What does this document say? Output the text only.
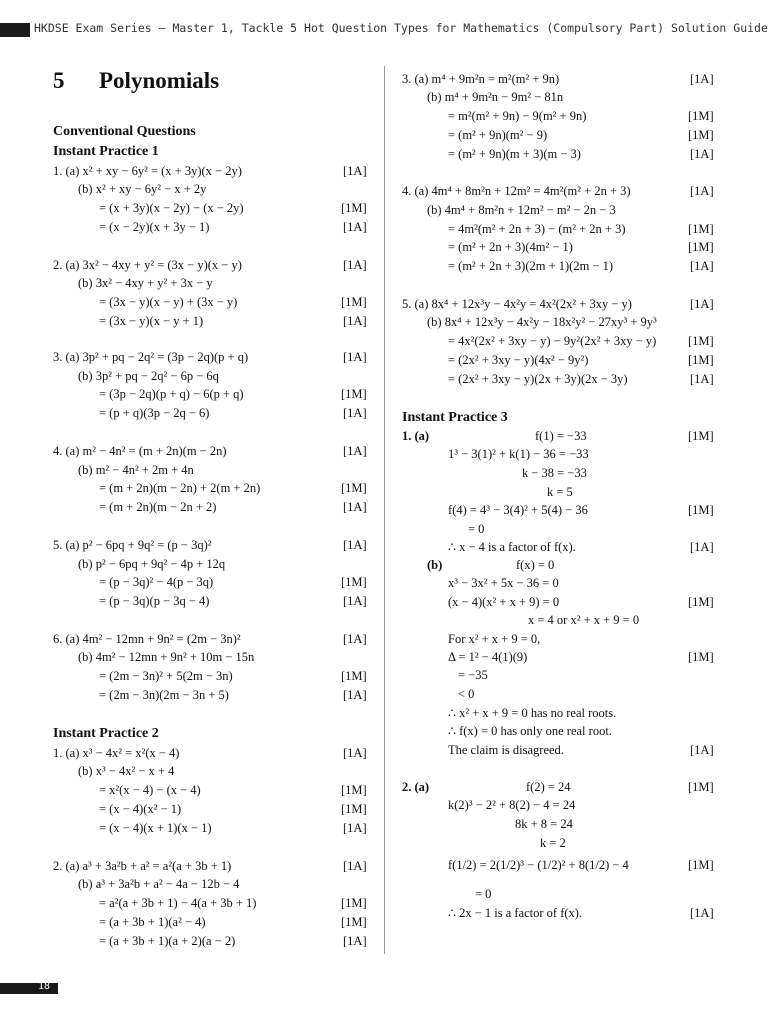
HKDSE Exam Series — Master 1, Tackle 5 Hot Question Types for Mathematics (Compulsory Part) Solution Guide
5 Polynomials
Conventional Questions
Instant Practice 1
1. (a) x² + xy − 6y² = (x + 3y)(x − 2y)	[1A]
(b) x² + xy − 6y² − x + 2y
= (x + 3y)(x − 2y) − (x − 2y)	[1M]
= (x − 2y)(x + 3y − 1)	[1A]
2. (a) 3x² − 4xy + y² = (3x − y)(x − y)	[1A]
(b) 3x² − 4xy + y² + 3x − y
= (3x − y)(x − y) + (3x − y)	[1M]
= (3x − y)(x − y + 1)	[1A]
3. (a) 3p² + pq − 2q² = (3p − 2q)(p + q)	[1A]
(b) 3p² + pq − 2q² − 6p − 6q
= (3p − 2q)(p + q) − 6(p + q)	[1M]
= (p + q)(3p − 2q − 6)	[1A]
4. (a) m² − 4n² = (m + 2n)(m − 2n)	[1A]
(b) m² − 4n² + 2m + 4n
= (m + 2n)(m − 2n) + 2(m + 2n)	[1M]
= (m + 2n)(m − 2n + 2)	[1A]
5. (a) p² − 6pq + 9q² = (p − 3q)²	[1A]
(b) p² − 6pq + 9q² − 4p + 12q
= (p − 3q)² − 4(p − 3q)	[1M]
= (p − 3q)(p − 3q − 4)	[1A]
6. (a) 4m² − 12mn + 9n² = (2m − 3n)²	[1A]
(b) 4m² − 12mn + 9n² + 10m − 15n
= (2m − 3n)² + 5(2m − 3n)	[1M]
= (2m − 3n)(2m − 3n + 5)	[1A]
Instant Practice 2
1. (a) x³ − 4x² = x²(x − 4)	[1A]
(b) x³ − 4x² − x + 4
= x²(x − 4) − (x − 4)	[1M]
= (x − 4)(x² − 1)	[1M]
= (x − 4)(x + 1)(x − 1)	[1A]
2. (a) a³ + 3a²b + a² = a²(a + 3b + 1)	[1A]
(b) a³ + 3a²b + a² − 4a − 12b − 4
= a²(a + 3b + 1) − 4(a + 3b + 1)	[1M]
= (a + 3b + 1)(a² − 4)	[1M]
= (a + 3b + 1)(a + 2)(a − 2)	[1A]
3. (a) m⁴ + 9m²n = m²(m² + 9n)	[1A]
(b) m⁴ + 9m²n − 9m² − 81n
= m²(m² + 9n) − 9(m² + 9n)	[1M]
= (m² + 9n)(m² − 9)	[1M]
= (m² + 9n)(m + 3)(m − 3)	[1A]
4. (a) 4m⁴ + 8m²n + 12m² = 4m²(m² + 2n + 3)	[1A]
(b) 4m⁴ + 8m²n + 12m² − m² − 2n − 3
= 4m²(m² + 2n + 3) − (m² + 2n + 3)	[1M]
= (m² + 2n + 3)(4m² − 1)	[1M]
= (m² + 2n + 3)(2m + 1)(2m − 1)	[1A]
5. (a) 8x⁴ + 12x³y − 4x²y = 4x²(2x² + 3xy − y)	[1A]
(b) 8x⁴ + 12x³y − 4x²y − 18x²y² − 27xy³ + 9y³
= 4x²(2x² + 3xy − y) − 9y²(2x² + 3xy − y)	[1M]
= (2x² + 3xy − y)(4x² − 9y²)	[1M]
= (2x² + 3xy − y)(2x + 3y)(2x − 3y)	[1A]
Instant Practice 3
1. (a)	f(1) = −33	[1M]
1³ − 3(1)² + k(1) − 36 = −33
k − 38 = −33
k = 5
f(4) = 4³ − 3(4)² + 5(4) − 36	[1M]
= 0
∴ x − 4 is a factor of f(x).	[1A]
(b)	f(x) = 0
x³ − 3x² + 5x − 36 = 0
(x − 4)(x² + x + 9) = 0	[1M]
x = 4 or x² + x + 9 = 0
For x² + x + 9 = 0,
Δ = 1² − 4(1)(9)	[1M]
= −35
< 0
∴ x² + x + 9 = 0 has no real roots.
∴ f(x) = 0 has only one real root.
The claim is disagreed.	[1A]
2. (a)	f(2) = 24	[1M]
k(2)³ − 2² + 8(2) − 4 = 24
8k + 8 = 24
k = 2
f(1/2) = 2(1/2)³ − (1/2)² + 8(1/2) − 4	[1M]
= 0
∴ 2x − 1 is a factor of f(x).	[1A]
18
